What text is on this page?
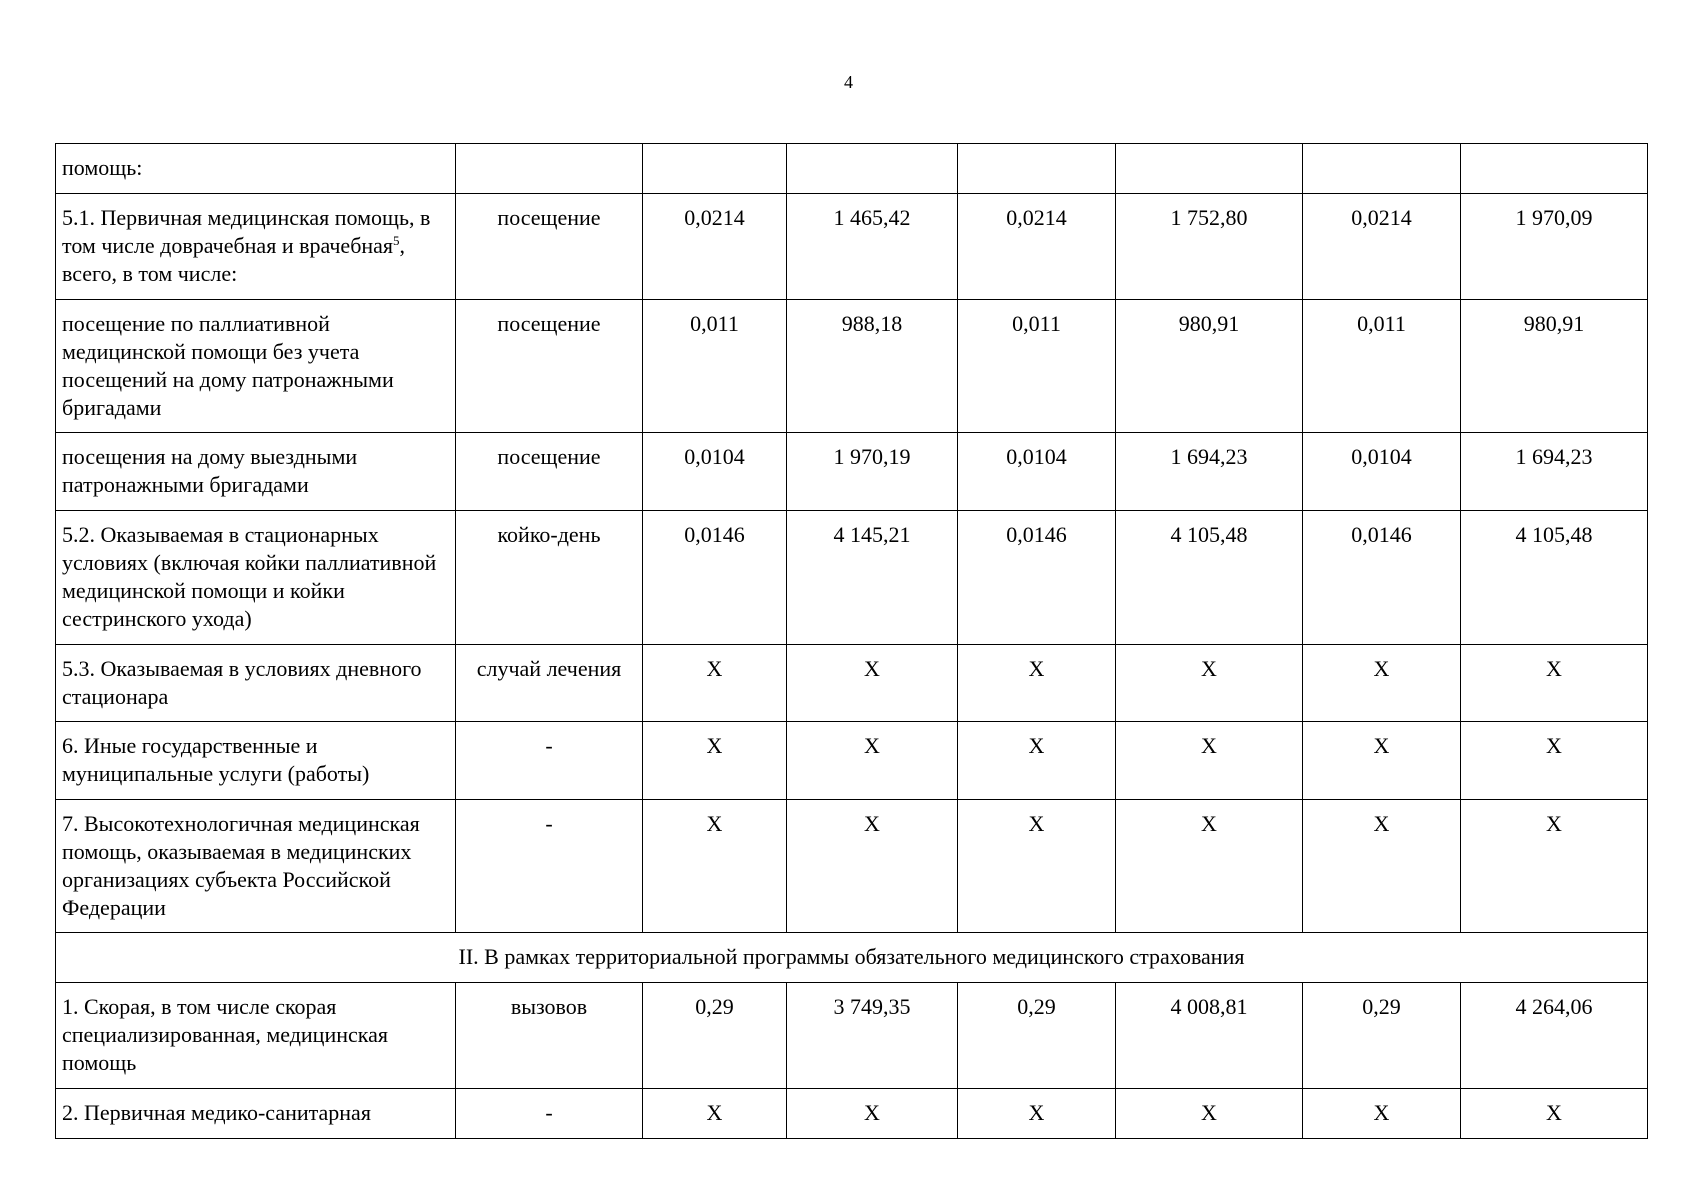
4
помощь:							
5.1. Первичная медицинская помощь, в том числе доврачебная и врачебная$^5$, всего, в том числе:	посещение	0,0214	1 465,42	0,0214	1 752,80	0,0214	1 970,09
посещение по паллиативной медицинской помощи без учета посещений на дому патронажными бригадами	посещение	0,011	988,18	0,011	980,91	0,011	980,91
посещения на дому выездными патронажными бригадами	посещение	0,0104	1 970,19	0,0104	1 694,23	0,0104	1 694,23
5.2. Оказываемая в стационарных условиях (включая койки паллиативной медицинской помощи и койки сестринского ухода)	койко-день	0,0146	4 145,21	0,0146	4 105,48	0,0146	4 105,48
5.3. Оказываемая в условиях дневного стационара	случай лечения	Х	Х	Х	Х	Х	Х
6. Иные государственные и муниципальные услуги (работы)	-	Х	Х	Х	Х	Х	Х
7. Высокотехнологичная медицинская помощь, оказываемая в медицинских организациях субъекта Российской Федерации	-	Х	Х	Х	Х	Х	Х
II. В рамках территориальной программы обязательного медицинского страхования							
1. Скорая, в том числе скорая специализированная, медицинская помощь	вызовов	0,29	3 749,35	0,29	4 008,81	0,29	4 264,06
2. Первичная медико-санитарная	-	Х	Х	Х	Х	Х	Х
